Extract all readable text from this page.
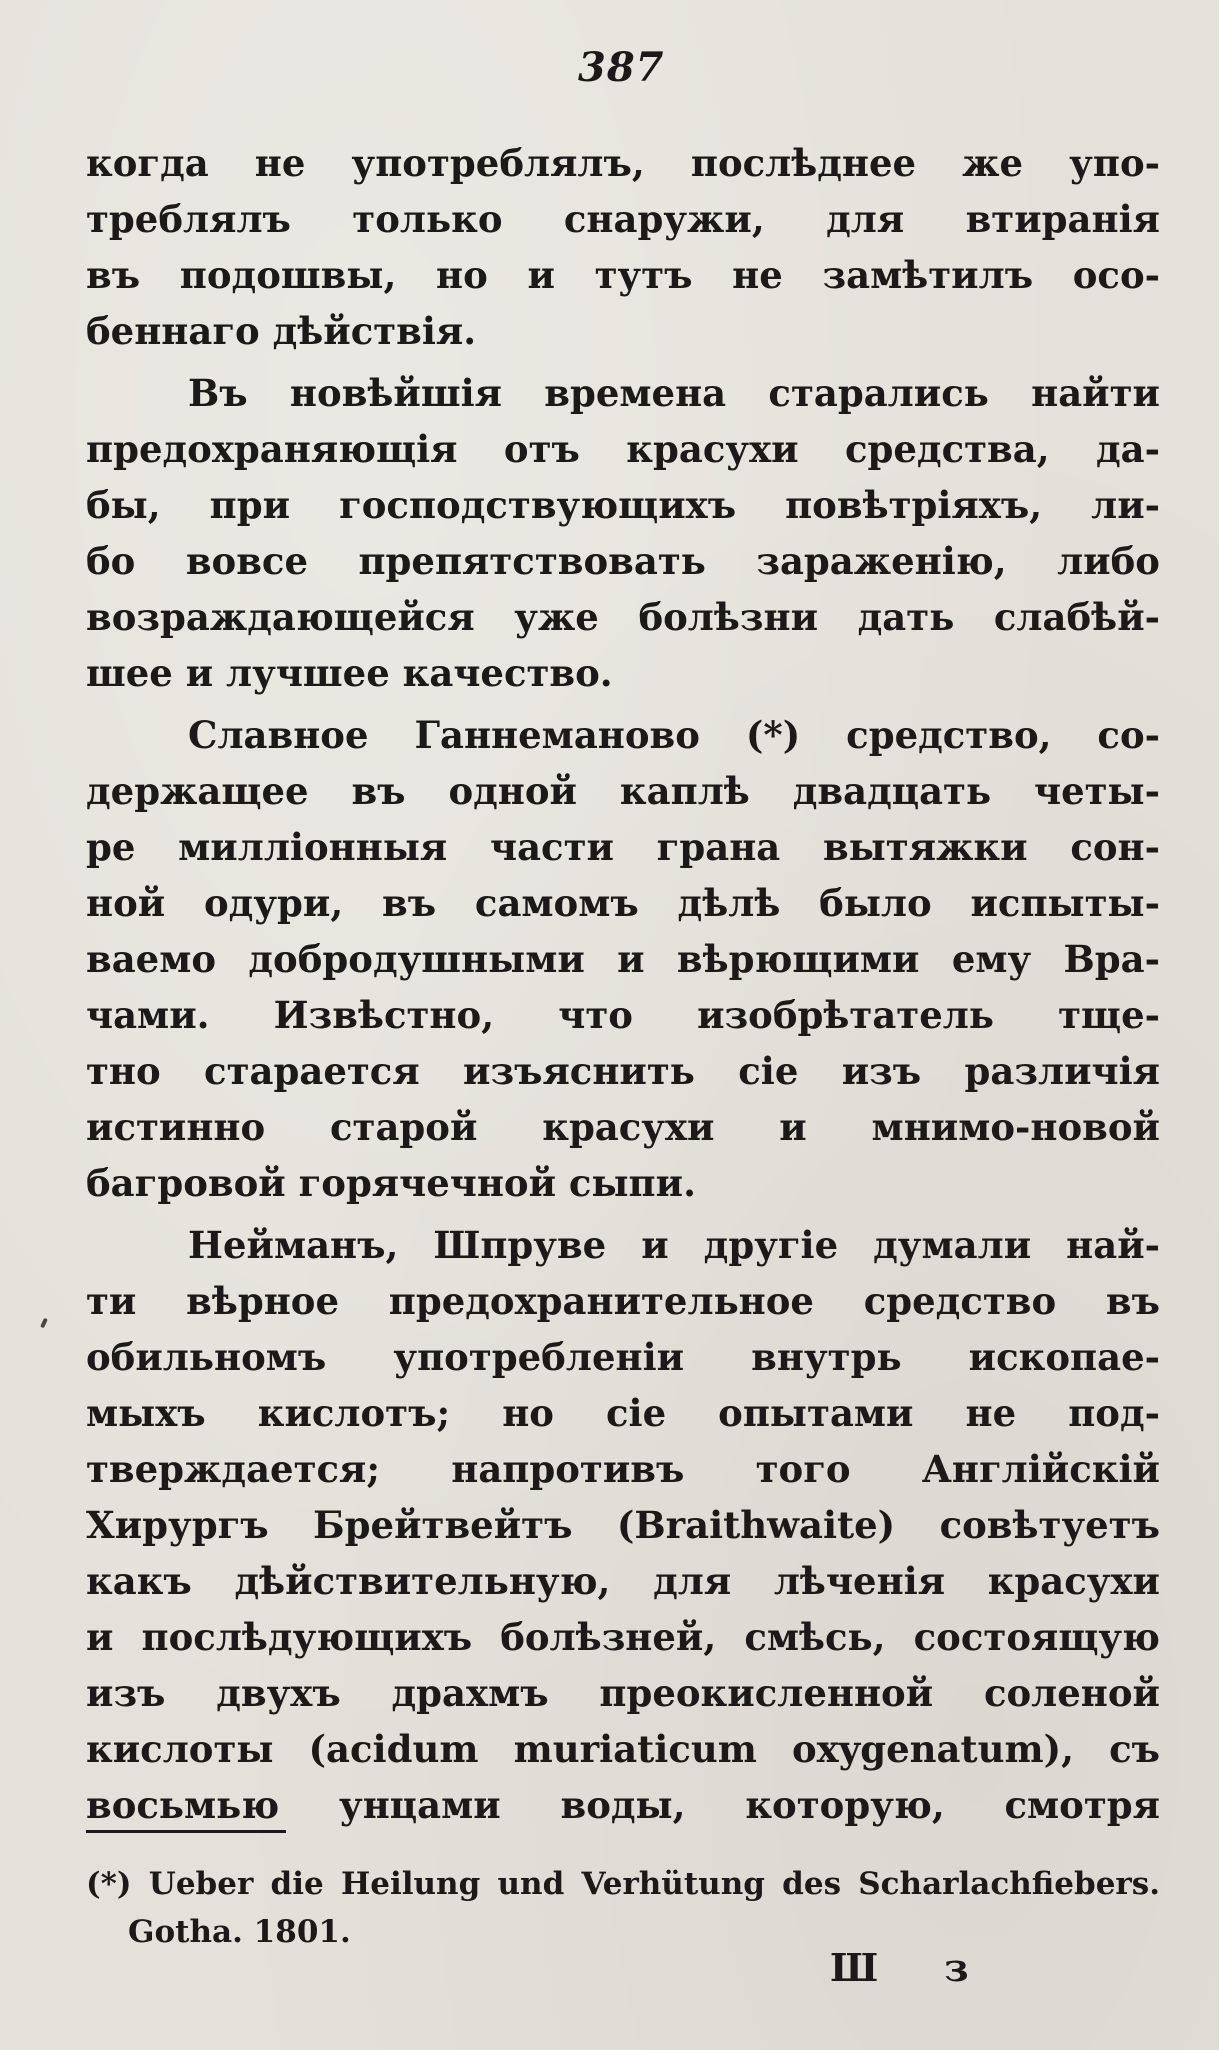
387
когда не употреблялъ, послѣднее же упо-
треблялъ только снаружи, для втиранія
въ подошвы, но и тутъ не замѣтилъ осо-
беннаго дѣйствія.
Въ новѣйшія времена старались найти
предохраняющія отъ красухи средства, да-
бы, при господствующихъ повѣтріяхъ, ли-
бо вовсе препятствовать зараженію, либо
возраждающейся уже болѣзни дать слабѣй-
шее и лучшее качество.
Славное Ганнеманово (*) средство, со-
держащее въ одной каплѣ двадцать четы-
ре милліонныя части грана вытяжки сон-
ной одури, въ самомъ дѣлѣ было испыты-
ваемо добродушными и вѣрющими ему Вра-
чами. Извѣстно, что изобрѣтатель тще-
тно старается изъяснить сіе изъ различія
истинно старой красухи и мнимо-новой
багровой горячечной сыпи.
Нейманъ, Шпруве и другіе думали най-
ти вѣрное предохранительное средство въ
обильномъ употребленіи внутрь ископае-
мыхъ кислотъ; но сіе опытами не под-
тверждается; напротивъ того Англійскій
Хирургъ Брейтвейтъ (Braithwaite) совѣтуетъ
какъ дѣйствительную, для лѣченія красухи
и послѣдующихъ болѣзней, смѣсь, состоящую
изъ двухъ драхмъ преокисленной соленой
кислоты (acidum muriaticum oxygenatum), съ
восьмью унцами воды, которую, смотря
(*) Ueber die Heilung und Verhütung des Scharlachfiebers.
Gotha. 1801.
Ш з
